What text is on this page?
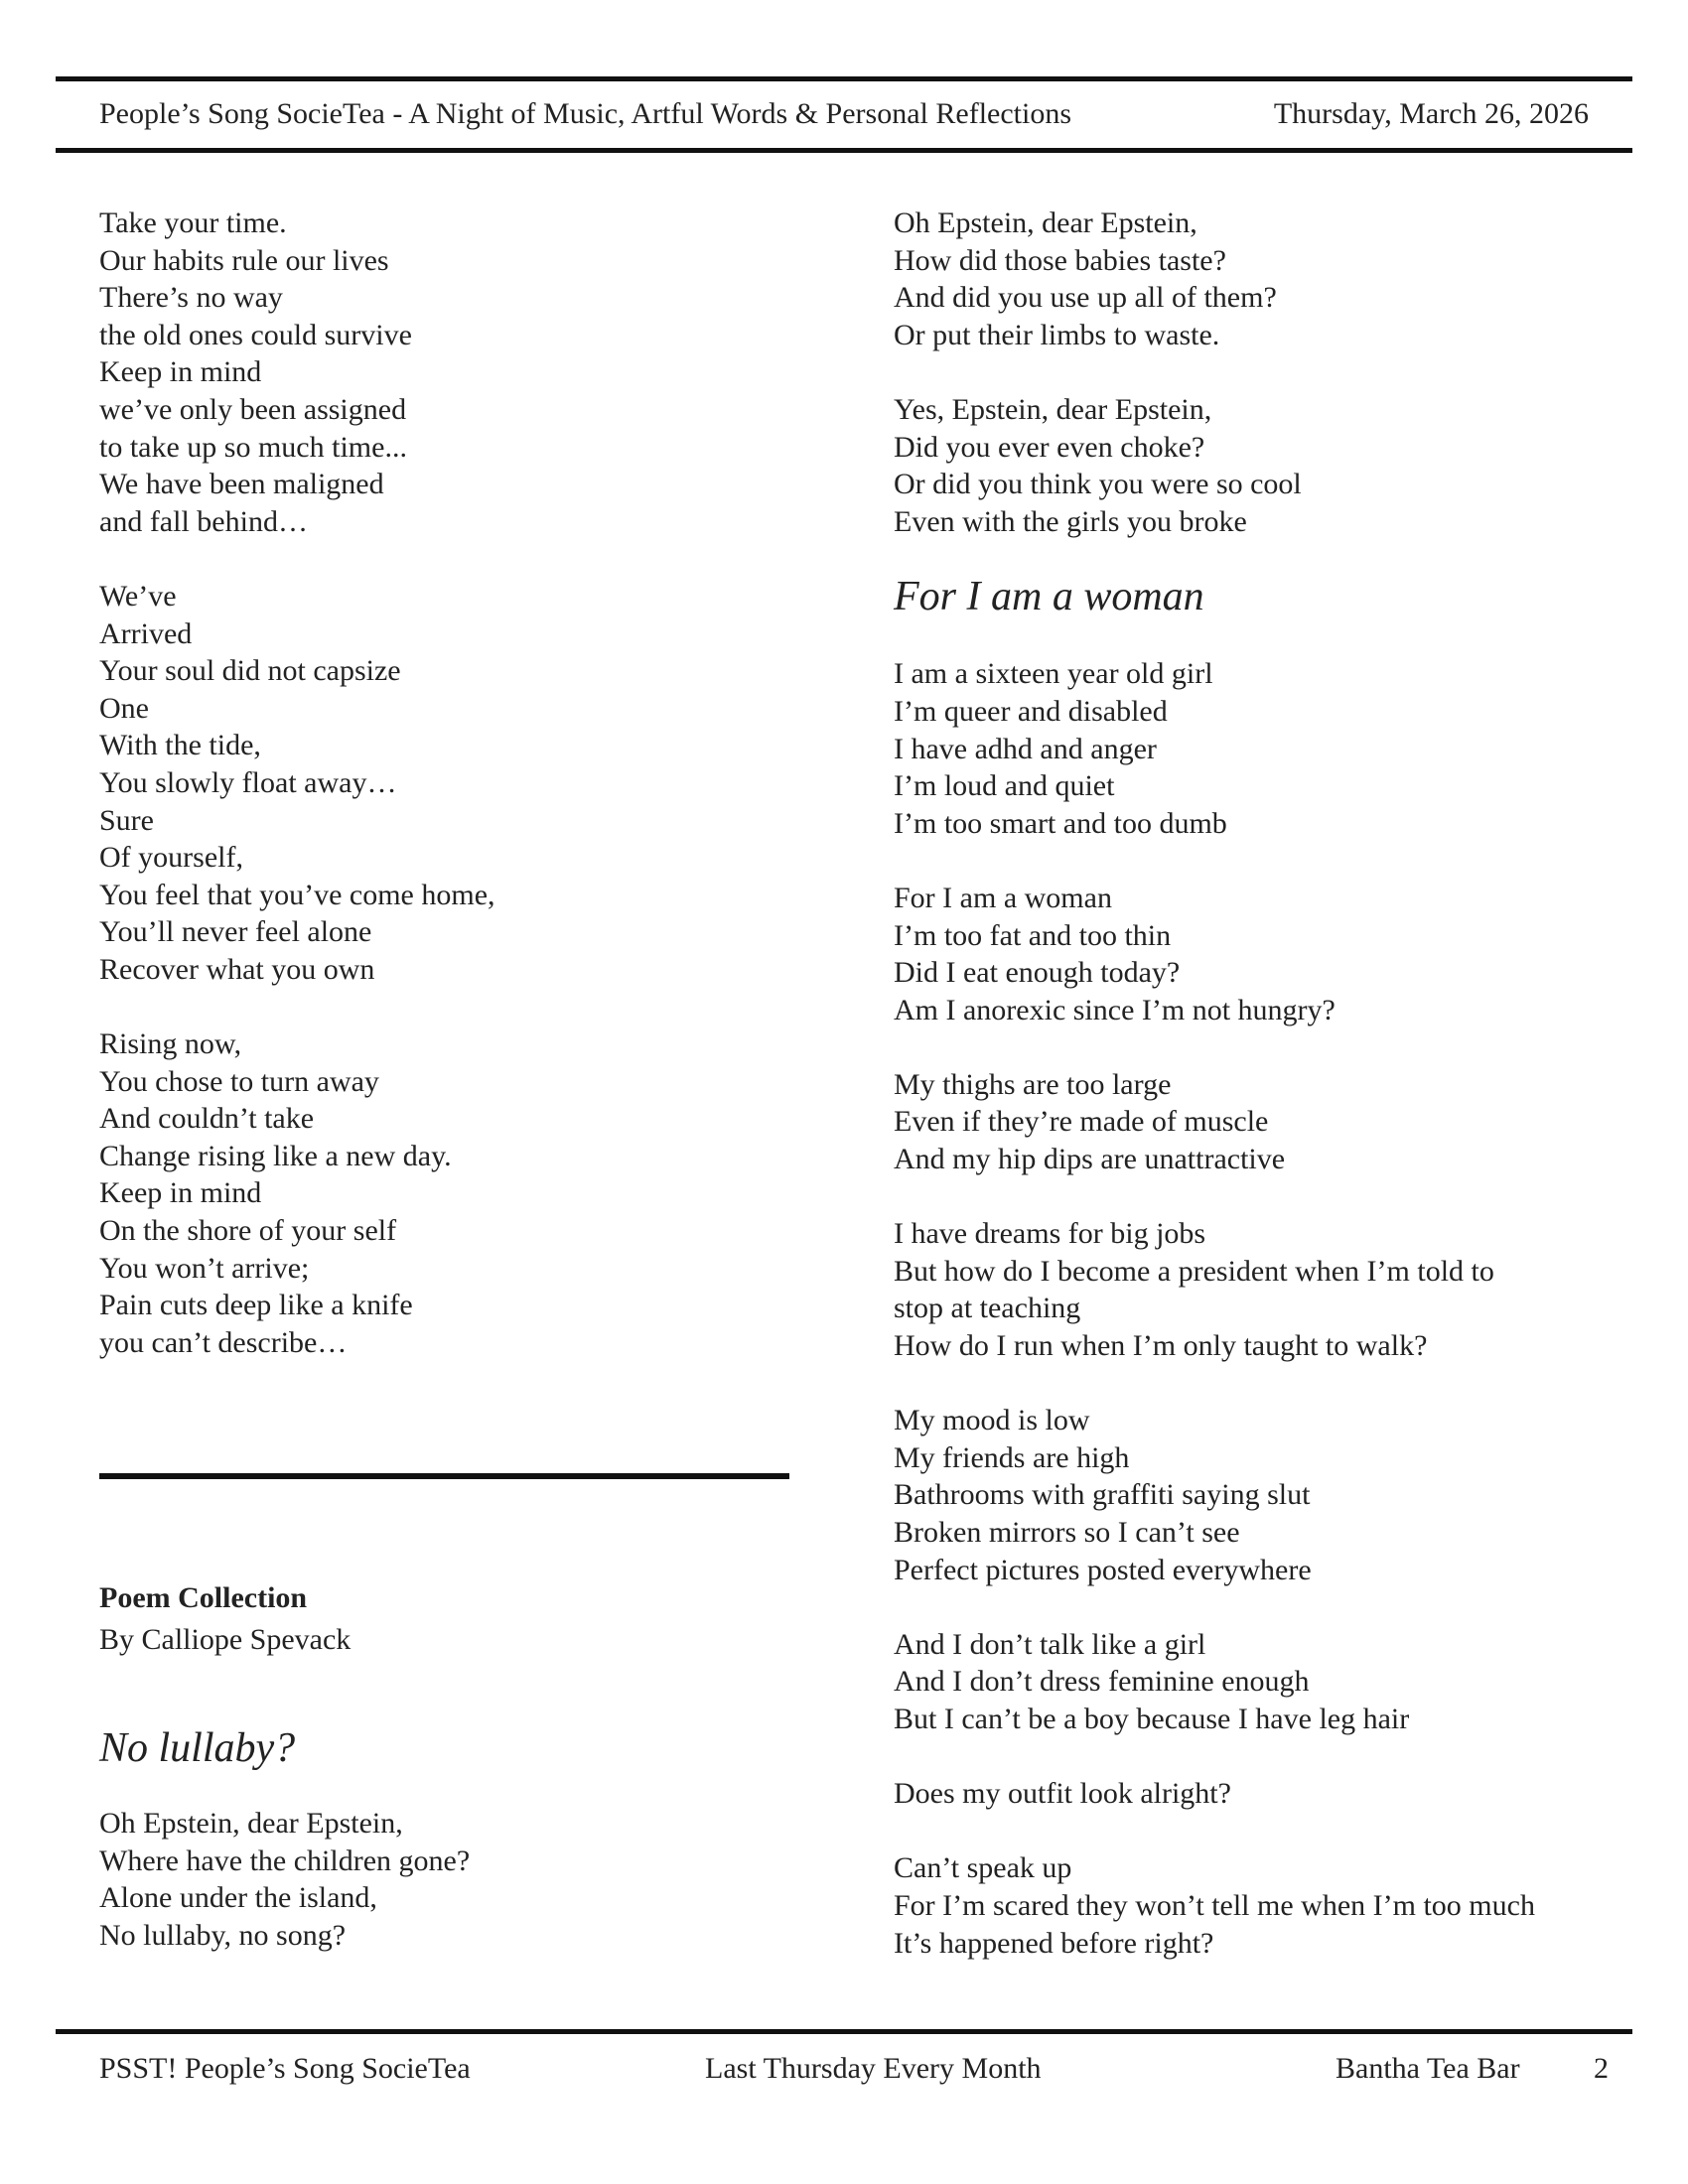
People’s Song SocieTea - A Night of Music, Artful Words & Personal Reflections	Thursday, March 26, 2026
Take your time.
Our habits rule our lives
There’s no way
the old ones could survive
Keep in mind
we’ve only been assigned
to take up so much time...
We have been maligned
and fall behind…
We’ve
Arrived
Your soul did not capsize
One
With the tide,
You slowly float away…
Sure
Of yourself,
You feel that you’ve come home,
You’ll never feel alone
Recover what you own
Rising now,
You chose to turn away
And couldn’t take
Change rising like a new day.
Keep in mind
On the shore of your self
You won’t arrive;
Pain cuts deep like a knife
you can’t describe…
Poem Collection
By Calliope Spevack
No lullaby?
Oh Epstein, dear Epstein,
Where have the children gone?
Alone under the island,
No lullaby, no song?
Oh Epstein, dear Epstein,
How did those babies taste?
And did you use up all of them?
Or put their limbs to waste.
Yes, Epstein, dear Epstein,
Did you ever even choke?
Or did you think you were so cool
Even with the girls you broke
For I am a woman
I am a sixteen year old girl
I’m queer and disabled
I have adhd and anger
I’m loud and quiet
I’m too smart and too dumb
For I am a woman
I’m too fat and too thin
Did I eat enough today?
Am I anorexic since I’m not hungry?
My thighs are too large
Even if they’re made of muscle
And my hip dips are unattractive
I have dreams for big jobs
But how do I become a president when I’m told to
stop at teaching
How do I run when I’m only taught to walk?
My mood is low
My friends are high
Bathrooms with graffiti saying slut
Broken mirrors so I can’t see
Perfect pictures posted everywhere
And I don’t talk like a girl
And I don’t dress feminine enough
But I can’t be a boy because I have leg hair
Does my outfit look alright?
Can’t speak up
For I’m scared they won’t tell me when I’m too much
It’s happened before right?
PSST! People’s Song SocieTea	Last Thursday Every Month	Bantha Tea Bar 2
